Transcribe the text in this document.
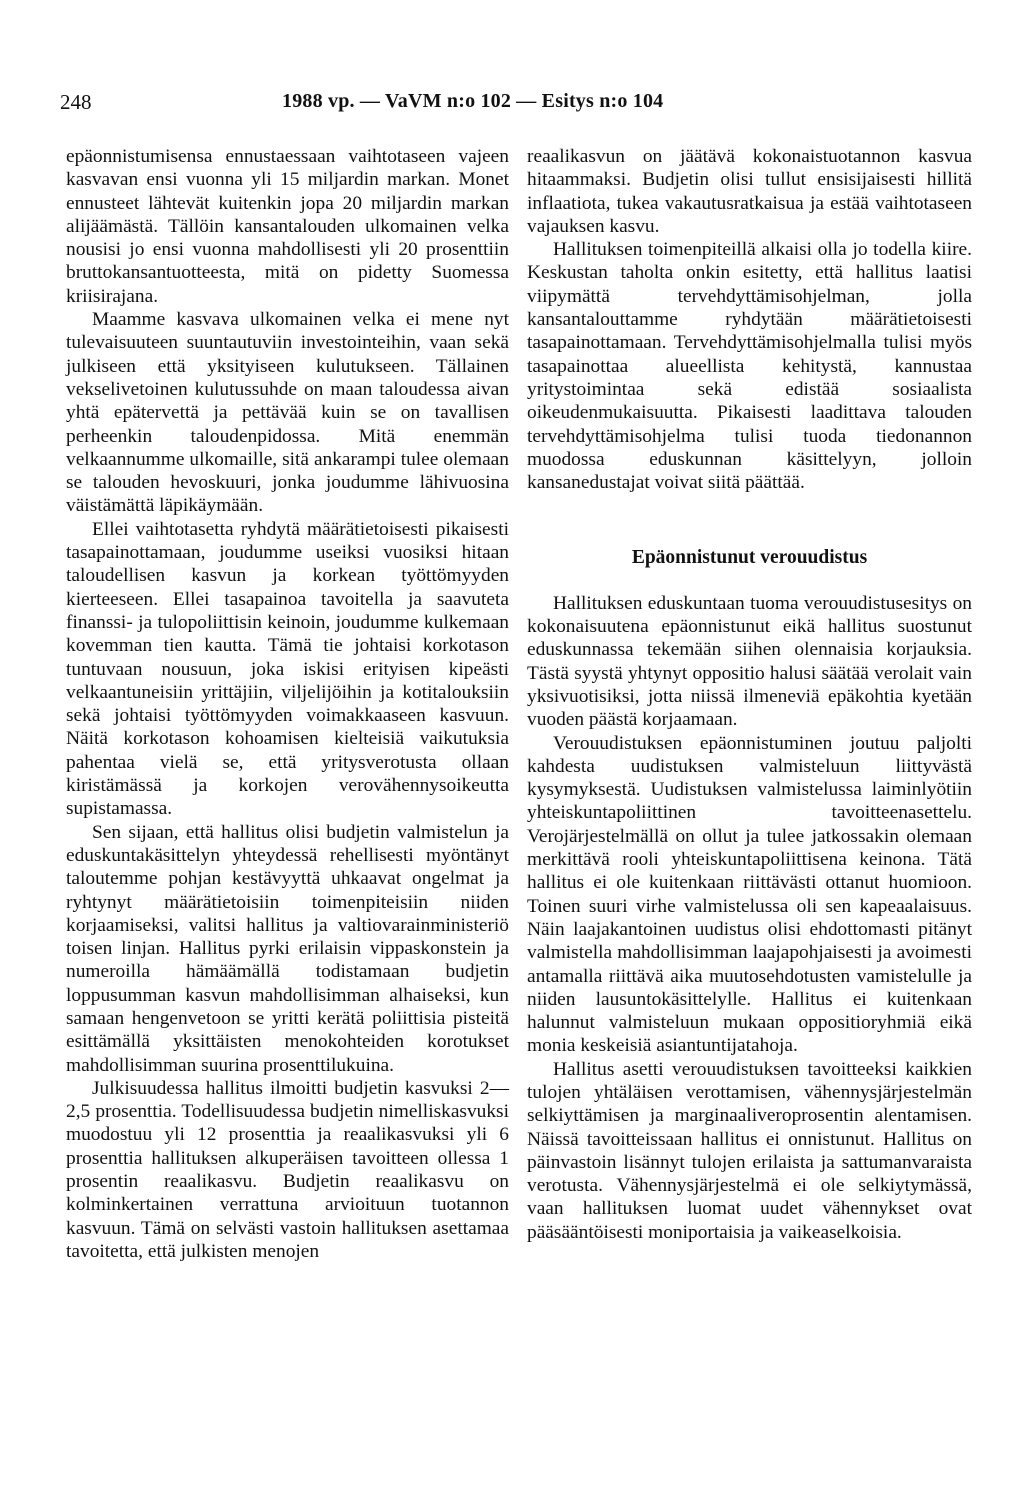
248	1988 vp. — VaVM n:o 102 — Esitys n:o 104

epäonnistumisensa ennustaessaan vaihtotaseen vajeen kasvavan ensi vuonna yli 15 miljardin markan. Monet ennusteet lähtevät kuitenkin jopa 20 miljardin markan alijäämästä. Tällöin kansantalouden ulkomainen velka nousisi jo ensi vuonna mahdollisesti yli 20 prosenttiin bruttokansantuotteesta, mitä on pidetty Suomessa kriisirajana.

Maamme kasvava ulkomainen velka ei mene nyt tulevaisuuteen suuntautuviin investointeihin, vaan sekä julkiseen että yksityiseen kulutukseen. Tällainen vekselivetoinen kulutussuhde on maan taloudessa aivan yhtä epätervettä ja pettävää kuin se on tavallisen perheenkin taloudenpidossa. Mitä enemmän velkaannumme ulkomaille, sitä ankarampi tulee olemaan se talouden hevoskuuri, jonka joudumme lähivuosina väistämättä läpikäymään.

Ellei vaihtotasetta ryhdytä määrätietoisesti pikaisesti tasapainottamaan, joudumme useiksi vuosiksi hitaan taloudellisen kasvun ja korkean työttömyyden kierteeseen. Ellei tasapainoa tavoitella ja saavuteta finanssi- ja tulopoliittisin keinoin, joudumme kulkemaan kovemman tien kautta. Tämä tie johtaisi korkotason tuntuvaan nousuun, joka iskisi erityisen kipeästi velkaantuneisiin yrittäjiin, viljelijöihin ja kotitalouksiin sekä johtaisi työttömyyden voimakkaaseen kasvuun. Näitä korkotason kohoamisen kielteisiä vaikutuksia pahentaa vielä se, että yritysverotusta ollaan kiristämässä ja korkojen verovähennysoikeutta supistamassa.

Sen sijaan, että hallitus olisi budjetin valmistelun ja eduskuntakäsittelyn yhteydessä rehellisesti myöntänyt taloutemme pohjan kestävyyttä uhkaavat ongelmat ja ryhtynyt määrätietoisiin toimenpiteisiin niiden korjaamiseksi, valitsi hallitus ja valtiovarainministeriö toisen linjan. Hallitus pyrki erilaisin vippaskonstein ja numeroilla hämäämällä todistamaan budjetin loppusumman kasvun mahdollisimman alhaiseksi, kun samaan hengenvetoon se yritti kerätä poliittisia pisteitä esittämällä yksittäisten menokohteiden korotukset mahdollisimman suurina prosenttilukuina.

Julkisuudessa hallitus ilmoitti budjetin kasvuksi 2—2,5 prosenttia. Todellisuudessa budjetin nimelliskasvuksi muodostuu yli 12 prosenttia ja reaalikasvuksi yli 6 prosenttia hallituksen alkuperäisen tavoitteen ollessa 1 prosentin reaalikasvu. Budjetin reaalikasvu on kolminkertainen verrattuna arvioituun tuotannon kasvuun. Tämä on selvästi vastoin hallituksen asettamaa tavoitetta, että julkisten menojen

reaalikasvun on jäätävä kokonaistuotannon kasvua hitaammaksi. Budjetin olisi tullut ensisijaisesti hillitä inflaatiota, tukea vakautusratkaisua ja estää vaihtotaseen vajauksen kasvu.

Hallituksen toimenpiteillä alkaisi olla jo todella kiire. Keskustan taholta onkin esitetty, että hallitus laatisi viipymättä tervehdyttämisohjelman, jolla kansantalouttamme ryhdytään määrätietoisesti tasapainottamaan. Tervehdyttämisohjelmalla tulisi myös tasapainottaa alueellista kehitystä, kannustaa yritystoimintaa sekä edistää sosiaalista oikeudenmukaisuutta. Pikaisesti laadittava talouden tervehdyttämisohjelma tulisi tuoda tiedonannon muodossa eduskunnan käsittelyyn, jolloin kansanedustajat voivat siitä päättää.

Epäonnistunut verouudistus

Hallituksen eduskuntaan tuoma verouudistusesitys on kokonaisuutena epäonnistunut eikä hallitus suostunut eduskunnassa tekemään siihen olennaisia korjauksia. Tästä syystä yhtynyt oppositio halusi säätää verolait vain yksivuotisiksi, jotta niissä ilmeneviä epäkohtia kyetään vuoden päästä korjaamaan.

Verouudistuksen epäonnistuminen joutuu paljolti kahdesta uudistuksen valmisteluun liittyvästä kysymyksestä. Uudistuksen valmistelussa laiminlyötiin yhteiskuntapoliittinen tavoitteenasettelu. Verojärjestelmällä on ollut ja tulee jatkossakin olemaan merkittävä rooli yhteiskuntapoliittisena keinona. Tätä hallitus ei ole kuitenkaan riittävästi ottanut huomioon. Toinen suuri virhe valmistelussa oli sen kapeaalaisuus. Näin laajakantoinen uudistus olisi ehdottomasti pitänyt valmistella mahdollisimman laajapohjaisesti ja avoimesti antamalla riittävä aika muutosehdotusten vamistelulle ja niiden lausuntokäsittelylle. Hallitus ei kuitenkaan halunnut valmisteluun mukaan oppositioryhmiä eikä monia keskeisiä asiantuntijatahoja.

Hallitus asetti verouudistuksen tavoitteeksi kaikkien tulojen yhtäläisen verottamisen, vähennysjärjestelmän selkiyttämisen ja marginaaliveroprosentin alentamisen. Näissä tavoitteissaan hallitus ei onnistunut. Hallitus on päinvastoin lisännyt tulojen erilaista ja sattumanvaraista verotusta. Vähennysjärjestelmä ei ole selkiytymässä, vaan hallituksen luomat uudet vähennykset ovat pääsääntöisesti moniportaisia ja vaikeaselkoisia.
